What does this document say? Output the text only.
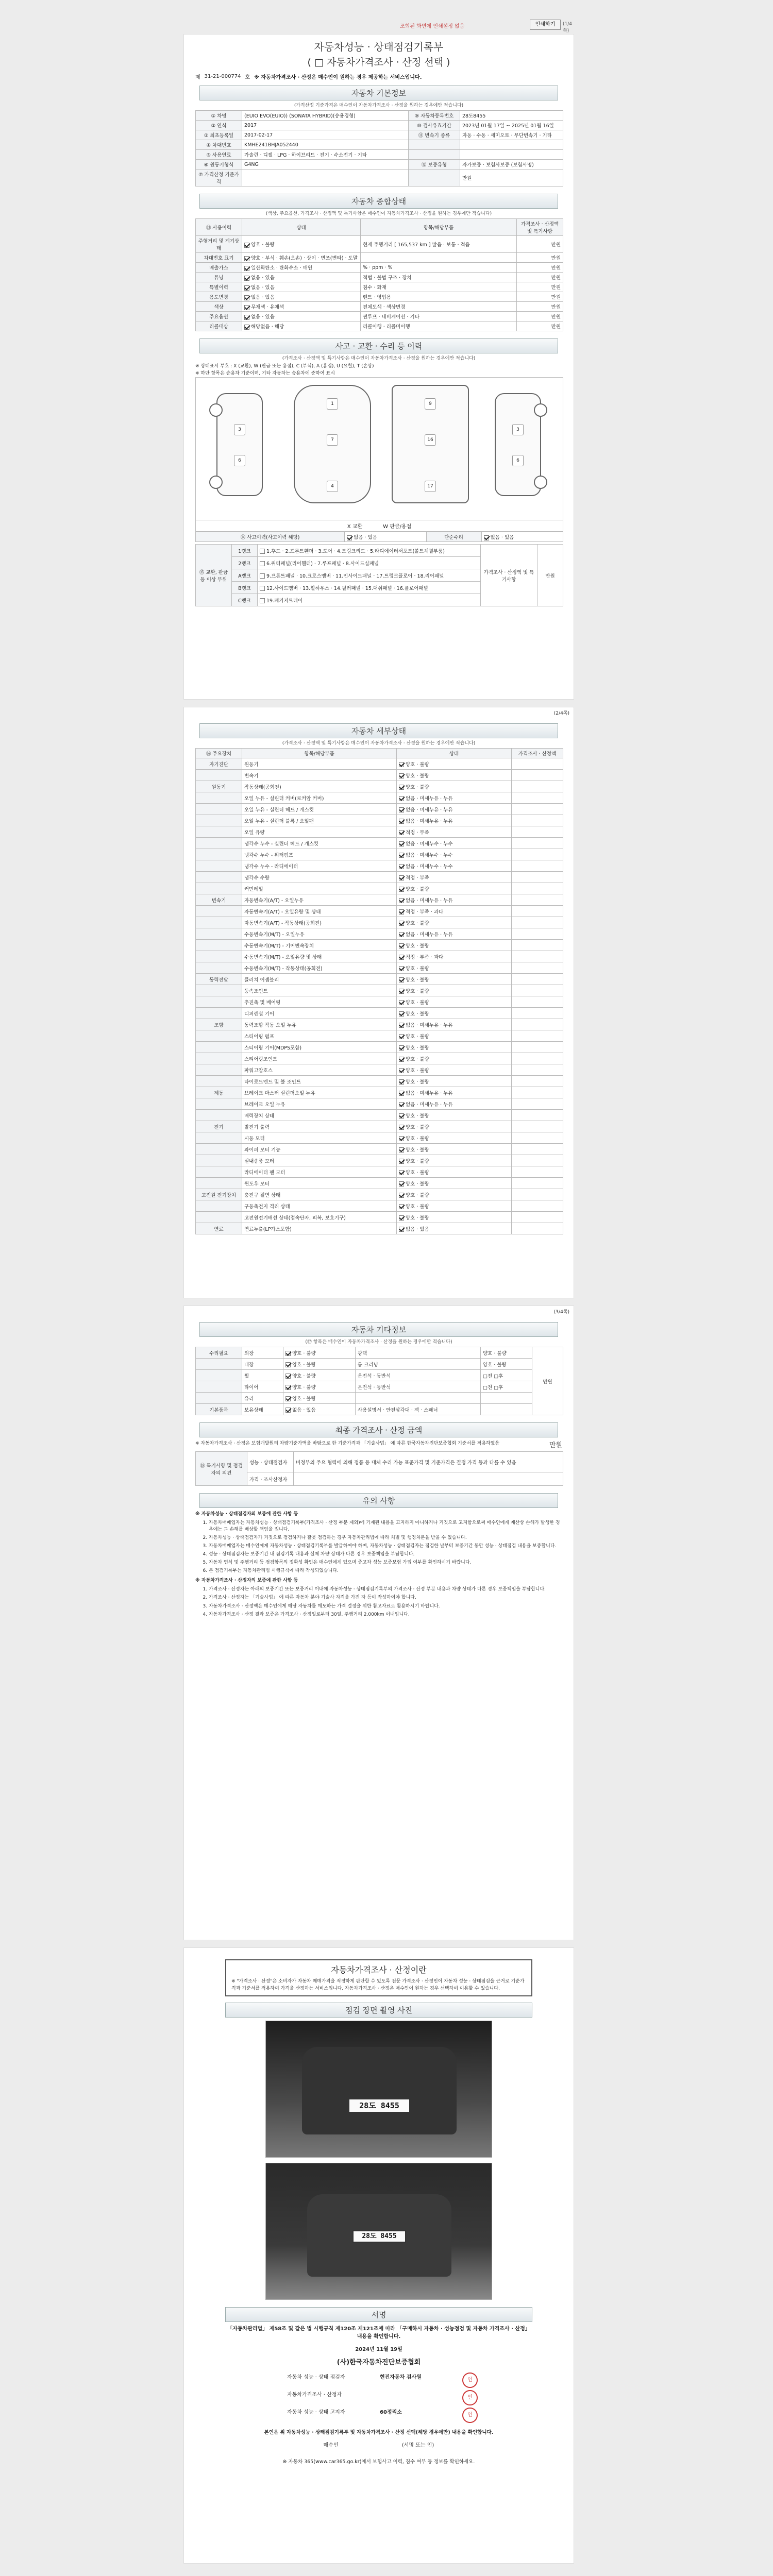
조회된 화면에 인쇄설정 없음	인쇄하기	(1/4쪽)
자동차성능 · 상태점검기록부
( □ 자동차가격조사 · 산정 선택 )
제 31-21-000774 호 ※ 자동차가격조사 · 산정은 매수인이 원하는 경우 제공하는 서비스입니다.
자동차 기본정보
(가격산정 기준가격은 매수인이 자동차가격조사 · 산정을 원하는 경우에만 적습니다)
① 차명	(EUIO EVO(EUIO)) (SONATA HYBRID)(승용경형)	⑨ 자동차등록번호	28도8455
② 연식	2017	⑩ 검사유효기간	2023년 01월 17일 ~ 2025년 01월 16일
③ 최초등록일	2017-02-17	⑪ 변속기 종류	자동 · 수동 · 세미오토 · 무단변속기 · 기타
④ 차대번호	KMHE241BHJA052440		
⑤ 사용연료	가솔린 · 디젤 · LPG · 하이브리드 · 전기 · 수소전기 · 기타		
⑥ 원동기형식	G4NG	⑫ 보증유형	자가보증 · 보험사보증 (보험사명)
⑦ 가격산정 기준가격			만원
자동차 종합상태
(색상, 주요옵션, 가격조사 · 산정액 및 특기사항은 매수인이 자동차가격조사 · 산정을 원하는 경우에만 적습니다)
⑬ 사용이력	상태	항목/해당부품	가격조사 · 산정액 및 특기사항
주행거리 및 계기상태	양호 · 불량	현재 주행거리 [ 165,537 km ] 많음 · 보통 · 적음	만원
차대번호 표기	양호 · 부식 · 훼손(오손) · 상이 · 변조(변타) · 도말		만원
배출가스	일산화탄소 · 탄화수소 · 매연	% · ppm · %	만원
튜닝	없음 · 있음	적법 · 불법 구조 · 장치	만원
특별이력	없음 · 있음	침수 · 화재	만원
용도변경	없음 · 있음	렌트 · 영업용	만원
색상	무채색 · 유채색	전체도색 · 색상변경	만원
주요옵션	없음 · 있음	썬루프 · 네비게이션 · 기타	만원
리콜대상	해당없음 · 해당	리콜이행 · 리콜미이행	만원
사고 · 교환 · 수리 등 이력
(가격조사 · 산정액 및 특기사항은 매수인이 자동차가격조사 · 산정을 원하는 경우에만 적습니다)
※ 상태표시 부호 : X (교환), W (판금 또는 용접), C (부식), A (흠집), U (요철), T (손상)
※ 하단 항목은 승용차 기준이며, 기타 자동차는 승용차에 준하여 표시
3
6
1
7
4
9
16
17
3
6
X 교환	W 판금/용접
⑭ 사고이력(사고이력 해당)	없음 · 있음	단순수리	없음 · 있음
⑮ 교환, 판금 등 이상 부위	1랭크	1.후드 · 2.프론트휀더 · 3.도어 · 4.트렁크리드 · 5.라디에이터서포트(볼트체결부품)	가격조사 · 산정액 및 특기사항	만원
	2랭크	6.쿼터패널(리어휀더) · 7.루프패널 · 8.사이드실패널		
	A랭크	9.프론트패널 · 10.크로스멤버 · 11.인사이드패널 · 17.트렁크플로어 · 18.리어패널		
	B랭크	12.사이드멤버 · 13.휠하우스 · 14.필러패널 · 15.대쉬패널 · 16.플로어패널		
	C랭크	19.패키지트레이		
(2/4쪽)
자동차 세부상태
(가격조사 · 산정액 및 특기사항은 매수인이 자동차가격조사 · 산정을 원하는 경우에만 적습니다)
⑯ 주요장치	항목/해당부품	상태	가격조사 · 산정액
자기진단	원동기	양호 · 불량	
	변속기	양호 · 불량	
원동기	작동상태(공회전)	양호 · 불량	
	오일 누유 - 실린더 커버(로커암 커버)	없음 · 미세누유 · 누유	
	오일 누유 - 실린더 헤드 / 개스킷	없음 · 미세누유 · 누유	
	오일 누유 - 실린더 블록 / 오일팬	없음 · 미세누유 · 누유	
	오일 유량	적정 · 부족	
	냉각수 누수 - 실린더 헤드 / 개스킷	없음 · 미세누수 · 누수	
	냉각수 누수 - 워터펌프	없음 · 미세누수 · 누수	
	냉각수 누수 - 라디에이터	없음 · 미세누수 · 누수	
	냉각수 수량	적정 · 부족	
	커먼레일	양호 · 불량	
변속기	자동변속기(A/T) - 오일누유	없음 · 미세누유 · 누유	
	자동변속기(A/T) - 오일유량 및 상태	적정 · 부족 · 과다	
	자동변속기(A/T) - 작동상태(공회전)	양호 · 불량	
	수동변속기(M/T) - 오일누유	없음 · 미세누유 · 누유	
	수동변속기(M/T) - 기어변속장치	양호 · 불량	
	수동변속기(M/T) - 오일유량 및 상태	적정 · 부족 · 과다	
	수동변속기(M/T) - 작동상태(공회전)	양호 · 불량	
동력전달	클러치 어셈블리	양호 · 불량	
	등속조인트	양호 · 불량	
	추진축 및 베어링	양호 · 불량	
	디퍼렌셜 기어	양호 · 불량	
조향	동력조향 작동 오일 누유	없음 · 미세누유 · 누유	
	스티어링 펌프	양호 · 불량	
	스티어링 기어(MDPS포함)	양호 · 불량	
	스티어링조인트	양호 · 불량	
	파워고압호스	양호 · 불량	
	타이로드엔드 및 볼 조인트	양호 · 불량	
제동	브레이크 마스터 실린더오일 누유	없음 · 미세누유 · 누유	
	브레이크 오일 누유	없음 · 미세누유 · 누유	
	배력장치 상태	양호 · 불량	
전기	발전기 출력	양호 · 불량	
	시동 모터	양호 · 불량	
	와이퍼 모터 기능	양호 · 불량	
	실내송풍 모터	양호 · 불량	
	라디에이터 팬 모터	양호 · 불량	
	윈도우 모터	양호 · 불량	
고전원 전기장치	충전구 절연 상태	양호 · 불량	
	구동축전지 격리 상태	양호 · 불량	
	고전원전기배선 상태(접속단자, 피복, 보호기구)	양호 · 불량	
연료	연료누출(LP가스포함)	없음 · 있음	
(3/4쪽)
자동차 기타정보
(⑰ 항목은 매수인이 자동차가격조사 · 산정을 원하는 경우에만 적습니다)
수리필요	외장	양호 · 불량	광택	양호 · 불량	만원
	내장	양호 · 불량	룸 크리닝	양호 · 불량	
	휠	양호 · 불량	운전석 · 동반석	□전 □후	
	타이어	양호 · 불량	운전석 · 동반석	□전 □후	
	유리	양호 · 불량			
기본품목	보유상태	없음 · 있음	사용설명서 · 안전삼각대 · 잭 · 스패너		
최종 가격조사 · 산정 금액
※ 자동차가격조사 · 산정은 보험개발원의 차량기준가액을 바탕으로 한 기준가격과 「기술사법」 에 따른 한국자동차진단보증협회 기준서를 적용하였음	만원
⑱ 특기사항 및 점검자의 의견	성능 · 상태점검자	비정부의 주요 협력에 의해 정품 등 대체 수리 가능 표준가격 및 기준가격은 결정 가격 등과 다를 수 있음
	가격 · 조사산정자	
유의 사항
※ 자동차성능 · 상태점검자의 보증에 관한 사항 등
1. 자동차매매업자는 자동차성능 · 상태점검기록부(가격조사 · 산정 부분 제외)에 기재된 내용을 고지하지 아니하거나 거짓으로 고지함으로써 매수인에게 재산상 손해가 발생한 경우에는 그 손해를 배상할 책임을 집니다.
2. 자동차성능 · 상태점검자가 거짓으로 점검하거나 잘못 점검하는 경우 자동차관리법에 따라 처벌 및 행정처분을 받을 수 있습니다.
3. 자동차매매업자는 매수인에게 자동차성능 · 상태점검기록부를 발급하여야 하며, 자동차성능 · 상태점검자는 점검한 날부터 보증기간 동안 성능 · 상태점검 내용을 보증합니다.
4. 성능 · 상태점검자는 보증기간 내 점검기록 내용과 실제 차량 상태가 다른 경우 보증책임을 부담합니다.
5. 자동차 연식 및 주행거리 등 점검항목의 정확성 확인은 매수인에게 있으며 중고차 성능 보증보험 가입 여부를 확인하시기 바랍니다.
6. 본 점검기록부는 자동차관리법 시행규칙에 따라 작성되었습니다.
※ 자동차가격조사 · 산정자의 보증에 관한 사항 등
1. 가격조사 · 산정자는 아래의 보증기간 또는 보증거리 이내에 자동차성능 · 상태점검기록부의 가격조사 · 산정 부분 내용과 차량 상태가 다른 경우 보증책임을 부담합니다.
2. 가격조사 · 산정자는 「기술사법」 에 따른 자동차 분야 기술사 자격을 가진 자 등이 작성하여야 합니다.
3. 자동차가격조사 · 산정액은 매수인에게 해당 자동차를 매도하는 가격 결정을 위한 참고자료로 활용하시기 바랍니다.
4. 자동차가격조사 · 산정 결과 보증은 가격조사 · 산정일로부터 30일, 주행거리 2,000km 이내입니다.
자동차가격조사 · 산정이란
※ "가격조사 · 산정"은 소비자가 자동차 매매가격을 적정하게 판단할 수 있도록 전문 가격조사 · 산정인이 자동차 성능 · 상태점검을 근거로 기준가격과 기준서를 적용하여 가격을 산정하는 서비스입니다. 자동차가격조사 · 산정은 매수인이 원하는 경우 선택하여 이용할 수 있습니다.
점검 장면 촬영 사진
28도 8455
28도 8455
서명
「자동차관리법」 제58조 및 같은 법 시행규칙 제120조 제121조에 따라 「구매하시 자동차 · 성능점검 및 자동차 가격조사 · 산정」 내용을 확인합니다.
2024년 11월 19일
(사)한국자동차진단보증협회
자동차 성능 · 상태 점검자	현진자동차 검사원	인
자동차가격조사 · 산정자	인
자동차 성능 · 상태 고지자	60정리소	인
본인은 위 자동차성능 · 상태점검기록부 및 자동차가격조사 · 산정 선택(해당 경우에만) 내용을 확인합니다.
매수인	(서명 또는 인)
※ 자동차 365(www.car365.go.kr)에서 보험사고 이력, 침수 여부 등 정보를 확인하세요.
